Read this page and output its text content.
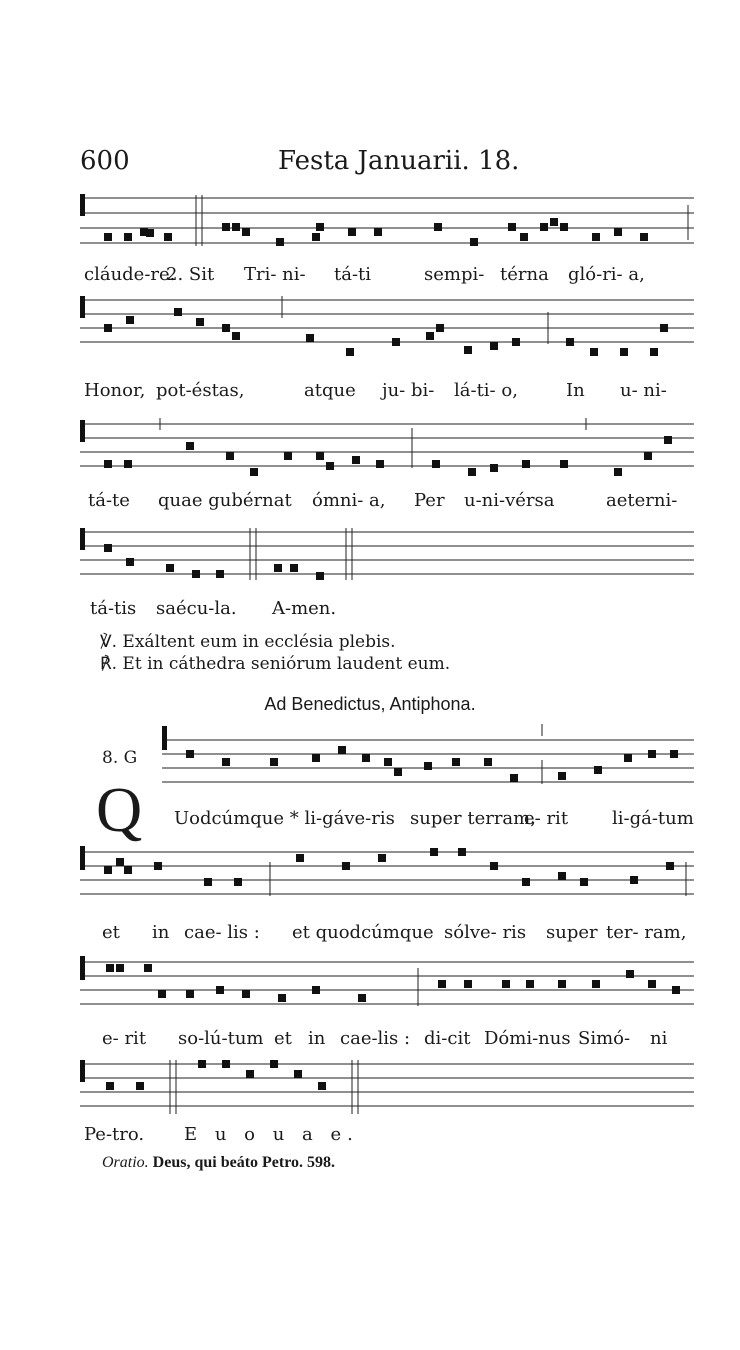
600	Festa Januarii. 18.
cláude-re.
2. Sit Tri- ni- tá-ti	sempi- térna gló-ri- a,
Honor, pot-éstas,	atque ju- bi- lá-ti- o,	In u- ni-
tá-te quae gubérnat ómni- a, Per u-ni-vérsa	aeterni-
tá-tis saécu-la. A-men.
℣. Exáltent eum in ecclésia plebis.
℟. Et in cáthedra seniórum laudent eum.
Ad Benedictus, Antiphona.
8. G
Q Uodcúmque * li-gáve-ris super terram,
e- rit li-gá-tum
et in cae- lis : et quodcúmque sólve- ris super ter- ram,
e- rit so-lú-tum et in cae-lis : di-cit Dómi-nus Simó- ni
Pe-tro. E u o u a e.
Oratio. Deus, qui beáto Petro. 598.
